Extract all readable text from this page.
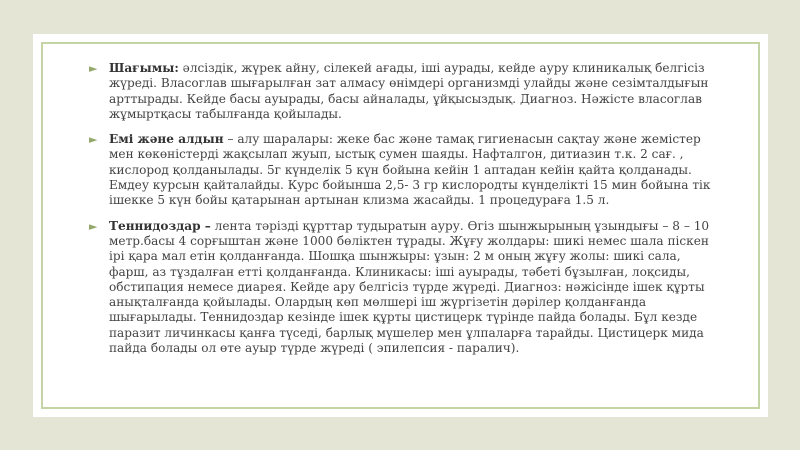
► Шағымы: әлсіздік, жүрек айну, сілекей ағады, іші аурады, кейде ауру клиникалық белгісіз жүреді. Власоглав шығарылған зат алмасу өнімдері организмді улайды және сезімталдығын арттырады. Кейде басы ауырады, басы айналады, ұйқысыздық. Диагноз. Нәжісте власоглав жұмыртқасы табылғанда қойылады.
► Емі және алдын – алу шаралары: жеке бас және тамақ гигиенасын сақтау және жемістер мен көкөністерді жақсылап жуып, ыстық сумен шаяды. Нафталгон, дитиазин т.к. 2 сағ. , кислород қолданылады. 5г күнделік 5 күн бойына кейін 1 аптадан кейін қайта қолданады. Емдеу курсын қайталайды. Курс бойынша 2,5- 3 гр кислородты күнделікті 15 мин бойына тік ішекке 5 күн бойы қатарынан артынан клизма жасайды. 1 процедураға 1.5 л.
► Теннидоздар – лента тәрізді құрттар тудыратын ауру. Өгіз шынжырының ұзындығы – 8 – 10 метр.басы 4 сорғыштан және 1000 бөліктен тұрады. Жұғу жолдары: шикі немес шала піскен ірі қара мал етін қолданғанда. Шошқа шынжыры: ұзын: 2 м оның жұғу жолы: шикі сала, фарш, аз тұздалған етті қолданғанда. Клиникасы: іші ауырады, тәбеті бұзылған, лоқсиды, обстипация немесе диарея. Кейде ару белгісіз түрде жүреді. Диагноз: нәжісінде ішек құрты анықталғанда қойылады. Олардың көп мөлшері іш жүргізетін дәрілер қолданғанда шығарылады. Теннидоздар кезінде ішек құрты цистицерк түрінде пайда болады. Бұл кезде паразит личинкасы қанға түседі, барлық мүшелер мен ұлпаларға тарайды. Цистицерк мида пайда болады ол өте ауыр түрде жүреді ( эпилепсия - паралич).
